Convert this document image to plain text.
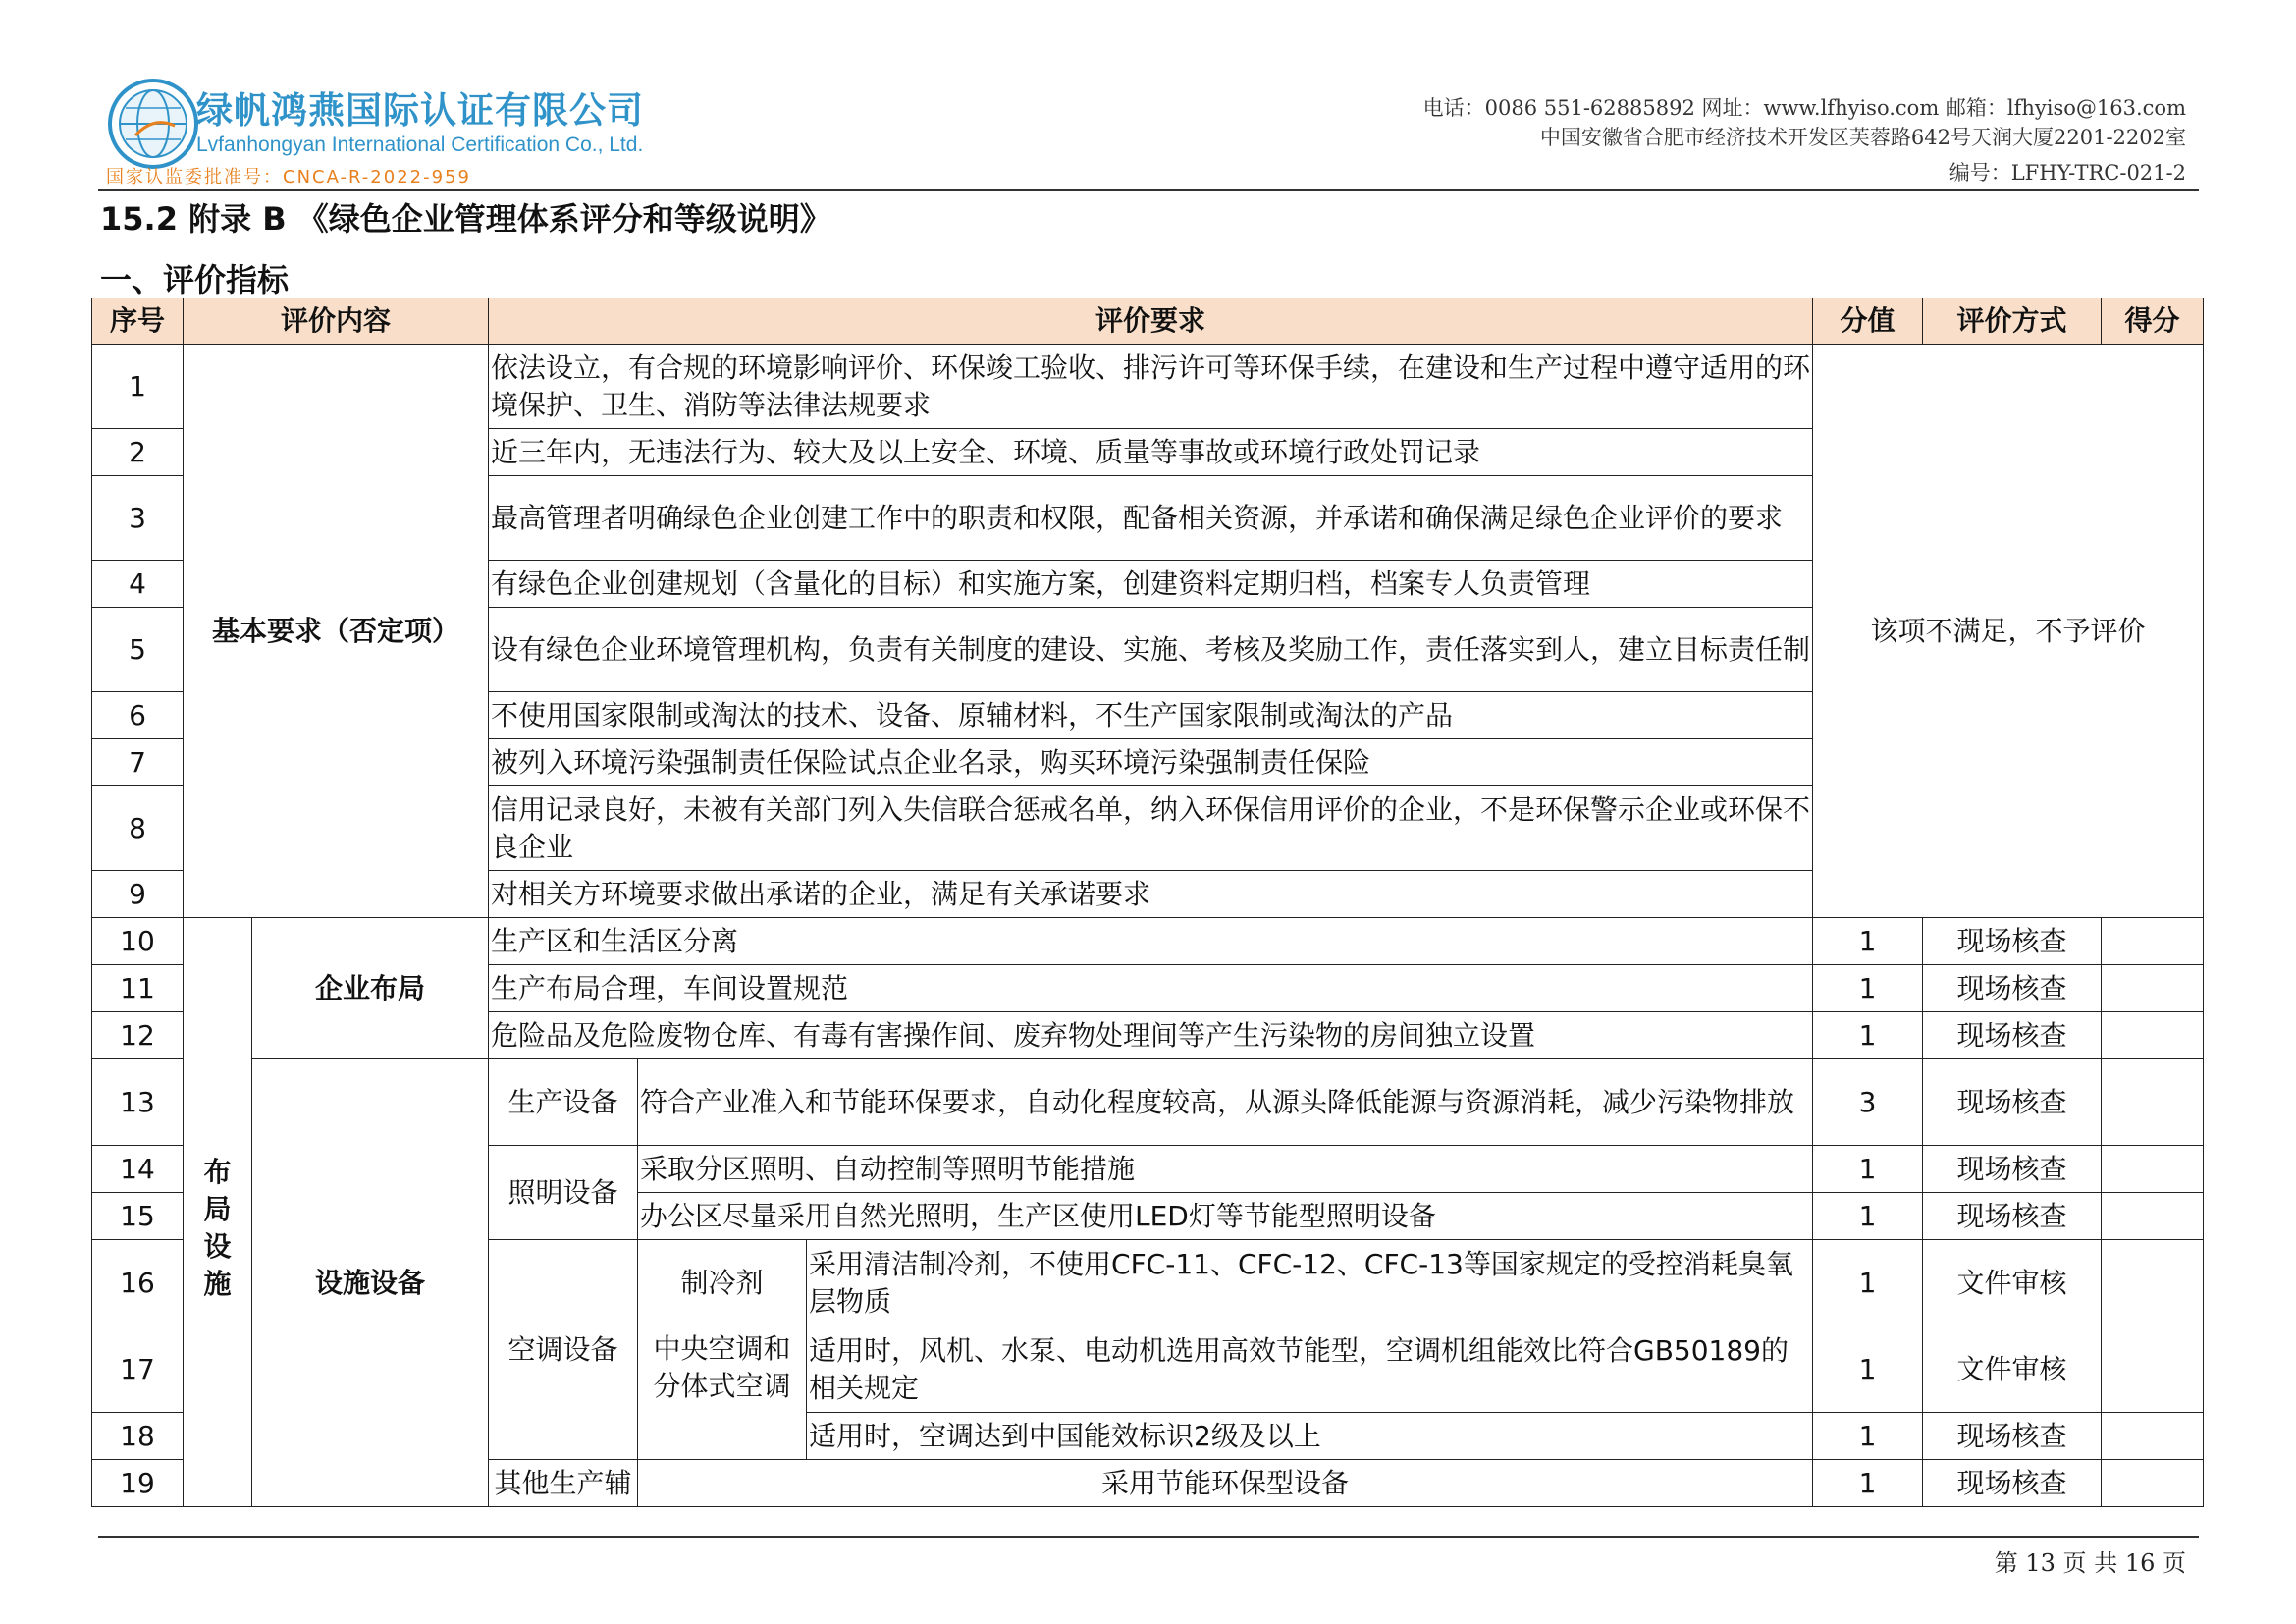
绿帆鸿燕国际认证有限公司
Lvfanhongyan International Certification Co., Ltd.
国家认监委批准号：CNCA-R-2022-959
电话：0086 551-62885892 网址：www.lfhyiso.com 邮箱：lfhyiso@163.com
中国安徽省合肥市经济技术开发区芙蓉路642号天润大厦2201-2202室
编号：LFHY-TRC-021-2
15.2 附录 B 《绿色企业管理体系评分和等级说明》
一、评价指标
序号	评价内容		评价要求			分值	评价方式	得分
1	基本要求（否定项）		依法设立，有合规的环境影响评价、环保竣工验收、排污许可等环保手续，在建设和生产过程中遵守适用的环境保护、卫生、消防等法律法规要求			该项不满足，不予评价		
2			近三年内，无违法行为、较大及以上安全、环境、质量等事故或环境行政处罚记录					
3			最高管理者明确绿色企业创建工作中的职责和权限，配备相关资源，并承诺和确保满足绿色企业评价的要求					
4			有绿色企业创建规划（含量化的目标）和实施方案，创建资料定期归档，档案专人负责管理					
5			设有绿色企业环境管理机构，负责有关制度的建设、实施、考核及奖励工作，责任落实到人，建立目标责任制					
6			不使用国家限制或淘汰的技术、设备、原辅材料，不生产国家限制或淘汰的产品					
7			被列入环境污染强制责任保险试点企业名录，购买环境污染强制责任保险					
8			信用记录良好，未被有关部门列入失信联合惩戒名单，纳入环保信用评价的企业，不是环保警示企业或环保不良企业					
9			对相关方环境要求做出承诺的企业，满足有关承诺要求					
10	布局设施	企业布局	生产区和生活区分离			1	现场核查	
11			生产布局合理，车间设置规范			1	现场核查	
12			危险品及危险废物仓库、有毒有害操作间、废弃物处理间等产生污染物的房间独立设置			1	现场核查	
13		设施设备	生产设备	符合产业准入和节能环保要求，自动化程度较高，从源头降低能源与资源消耗，减少污染物排放		3	现场核查	
14			照明设备	采取分区照明、自动控制等照明节能措施		1	现场核查	
15				办公区尽量采用自然光照明，生产区使用LED灯等节能型照明设备		1	现场核查	
16			空调设备	制冷剂	采用清洁制冷剂，不使用CFC-11、CFC-12、CFC-13等国家规定的受控消耗臭氧层物质	1	文件审核	
17				中央空调和分体式空调	适用时，风机、水泵、电动机选用高效节能型，空调机组能效比符合GB50189的相关规定	1	文件审核	
18					适用时，空调达到中国能效标识2级及以上	1	现场核查	
19			其他生产辅	采用节能环保型设备		1	现场核查	
第 13 页 共 16 页
